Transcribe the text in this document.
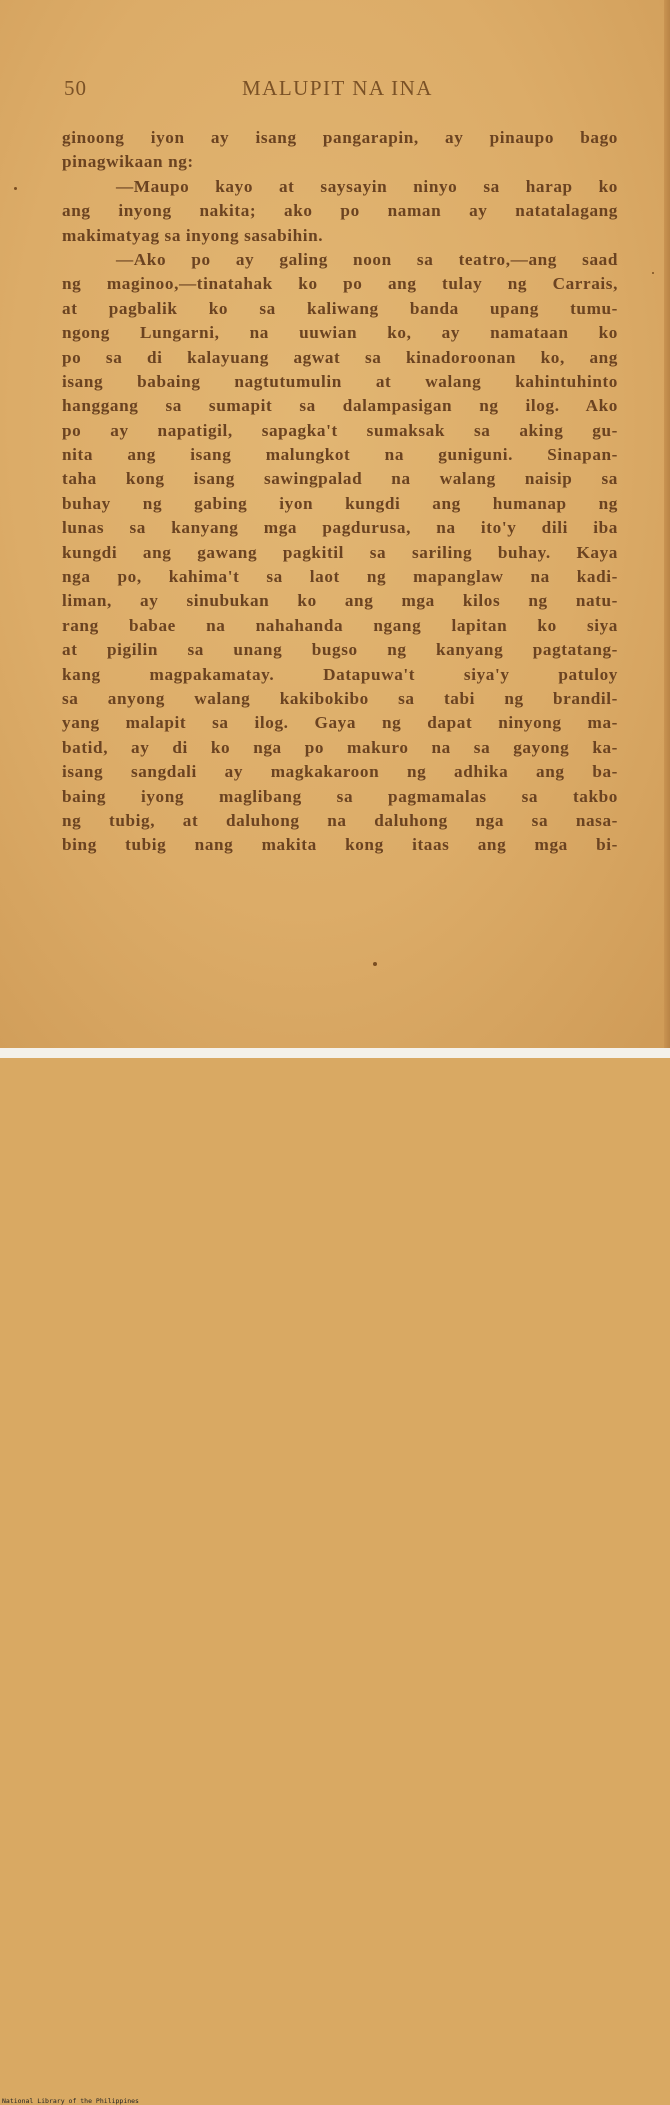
50	MALUPIT NA INA
ginoong iyon ay isang pangarapin, ay pinaupo bago
pinagwikaan ng:
—Maupo kayo at saysayin ninyo sa harap ko
ang inyong nakita; ako po naman ay natatalagang
makimatyag sa inyong sasabihin.
—Ako po ay galing noon sa teatro,—ang saad
ng maginoo,—tinatahak ko po ang tulay ng Carrais,
at pagbalik ko sa kaliwang banda upang tumu-
ngong Lungarni, na uuwian ko, ay namataan ko
po sa di kalayuang agwat sa kinadoroonan ko, ang
isang babaing nagtutumulin at walang kahintuhinto
hanggang sa sumapit sa dalampasigan ng ilog. Ako
po ay napatigil, sapagka't sumaksak sa aking gu-
nita ang isang malungkot na guniguni. Sinapan-
taha kong isang sawingpalad na walang naisip sa
buhay ng gabing iyon kungdi ang humanap ng
lunas sa kanyang mga pagdurusa, na ito'y dili iba
kungdi ang gawang pagkitil sa sariling buhay. Kaya
nga po, kahima't sa laot ng mapanglaw na kadi-
liman, ay sinubukan ko ang mga kilos ng natu-
rang babae na nahahanda ngang lapitan ko siya
at pigilin sa unang bugso ng kanyang pagtatang-
kang magpakamatay. Datapuwa't siya'y patuloy
sa anyong walang kakibokibo sa tabi ng brandil-
yang malapit sa ilog. Gaya ng dapat ninyong ma-
batid, ay di ko nga po makuro na sa gayong ka-
isang sangdali ay magkakaroon ng adhika ang ba-
baing iyong maglibang sa pagmamalas sa takbo
ng tubig, at daluhong na daluhong nga sa nasa-
bing tubig nang makita kong itaas ang mga bi-
National Library of the Philippines
